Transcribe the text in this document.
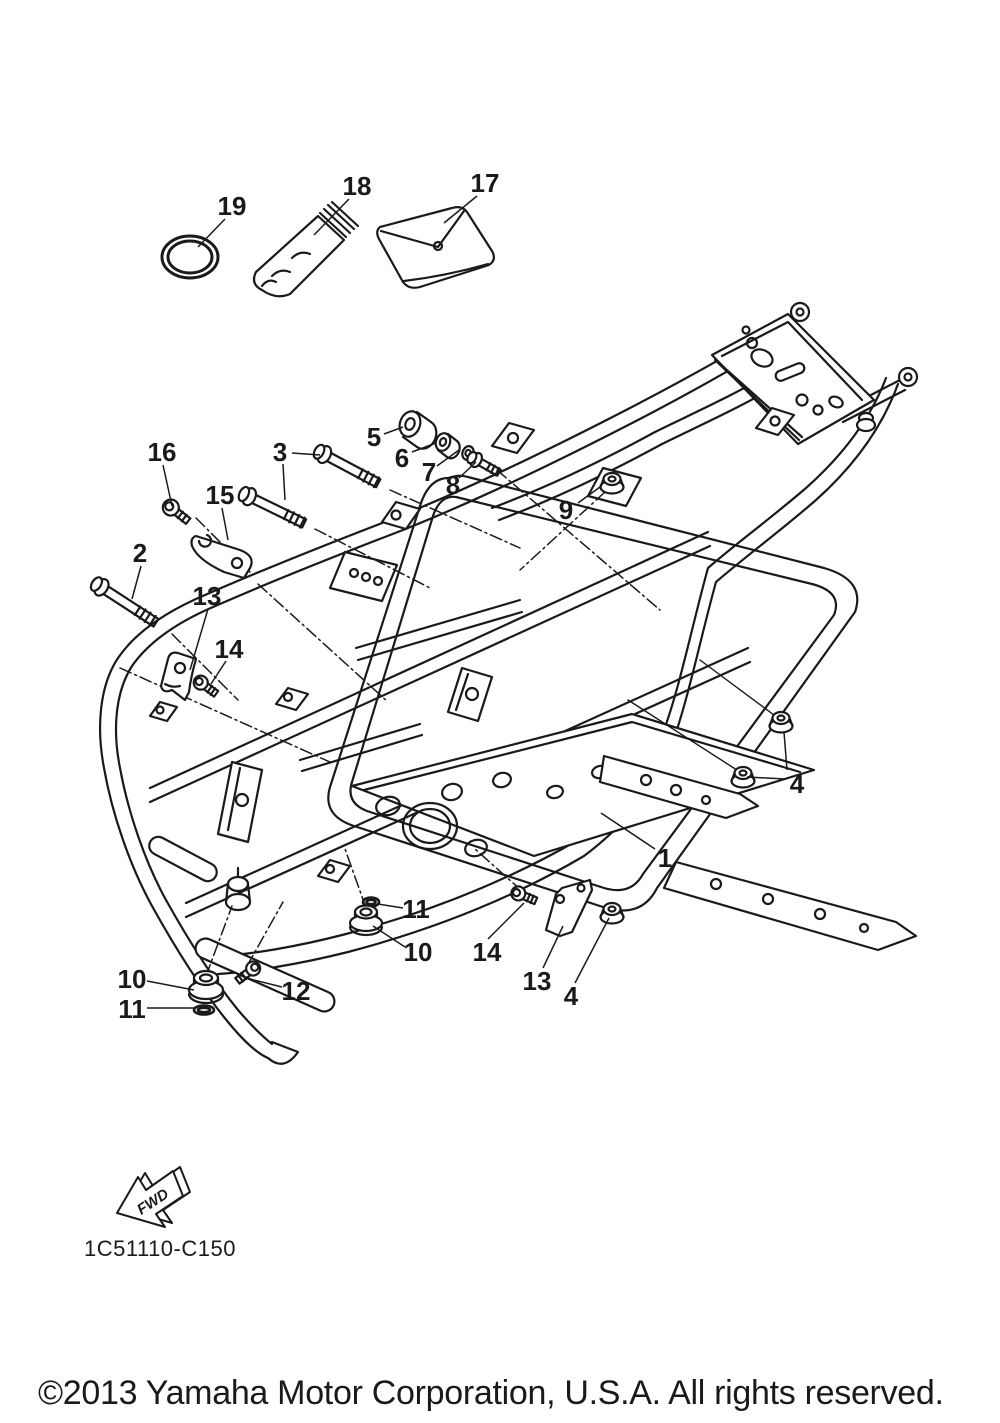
19
18	17
16
15
3	5
6 7 8
9
2
13
14
4
1
11
10 14
13 4
10
11
12
FWD
1C51110-C150
©2013 Yamaha Motor Corporation, U.S.A. All rights reserved.
